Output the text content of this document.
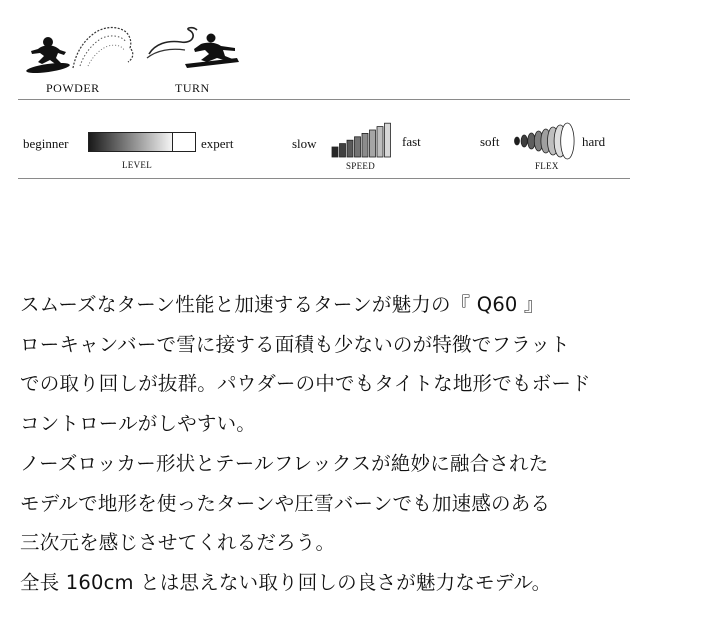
POWDER	TURN
beginner	expert
LEVEL
slow	fast
SPEED
soft	hard
FLEX
スムーズなターン性能と加速するターンが魅力の『 Q60 』
ローキャンバーで雪に接する面積も少ないのが特徴でフラット
での取り回しが抜群。パウダーの中でもタイトな地形でもボード
コントロールがしやすい。
ノーズロッカー形状とテールフレックスが絶妙に融合された
モデルで地形を使ったターンや圧雪バーンでも加速感のある
三次元を感じさせてくれるだろう。
全長 160cm とは思えない取り回しの良さが魅力なモデル。
